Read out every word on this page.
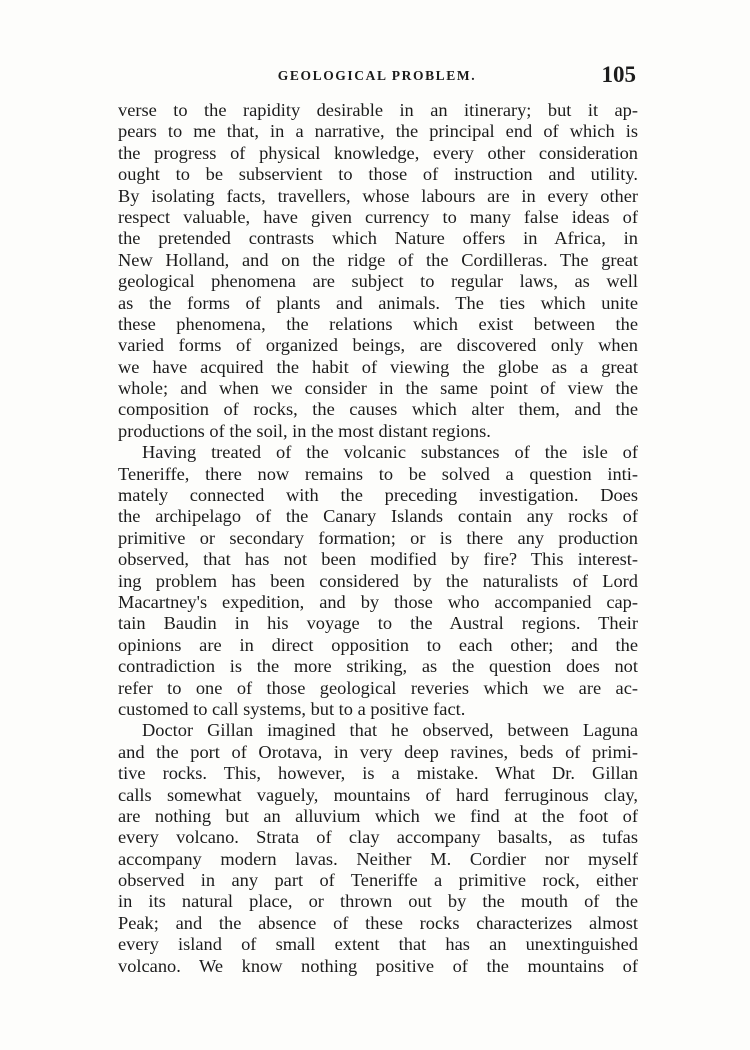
GEOLOGICAL PROBLEM.	105
verse to the rapidity desirable in an itinerary; but it ap-
pears to me that, in a narrative, the principal end of which is
the progress of physical knowledge, every other consideration
ought to be subservient to those of instruction and utility.
By isolating facts, travellers, whose labours are in every other
respect valuable, have given currency to many false ideas of
the pretended contrasts which Nature offers in Africa, in
New Holland, and on the ridge of the Cordilleras. The great
geological phenomena are subject to regular laws, as well
as the forms of plants and animals. The ties which unite
these phenomena, the relations which exist between the
varied forms of organized beings, are discovered only when
we have acquired the habit of viewing the globe as a great
whole; and when we consider in the same point of view the
composition of rocks, the causes which alter them, and the
productions of the soil, in the most distant regions.
Having treated of the volcanic substances of the isle of
Teneriffe, there now remains to be solved a question inti-
mately connected with the preceding investigation. Does
the archipelago of the Canary Islands contain any rocks of
primitive or secondary formation; or is there any production
observed, that has not been modified by fire? This interest-
ing problem has been considered by the naturalists of Lord
Macartney's expedition, and by those who accompanied cap-
tain Baudin in his voyage to the Austral regions. Their
opinions are in direct opposition to each other; and the
contradiction is the more striking, as the question does not
refer to one of those geological reveries which we are ac-
customed to call systems, but to a positive fact.
Doctor Gillan imagined that he observed, between Laguna
and the port of Orotava, in very deep ravines, beds of primi-
tive rocks. This, however, is a mistake. What Dr. Gillan
calls somewhat vaguely, mountains of hard ferruginous clay,
are nothing but an alluvium which we find at the foot of
every volcano. Strata of clay accompany basalts, as tufas
accompany modern lavas. Neither M. Cordier nor myself
observed in any part of Teneriffe a primitive rock, either
in its natural place, or thrown out by the mouth of the
Peak; and the absence of these rocks characterizes almost
every island of small extent that has an unextinguished
volcano. We know nothing positive of the mountains of
